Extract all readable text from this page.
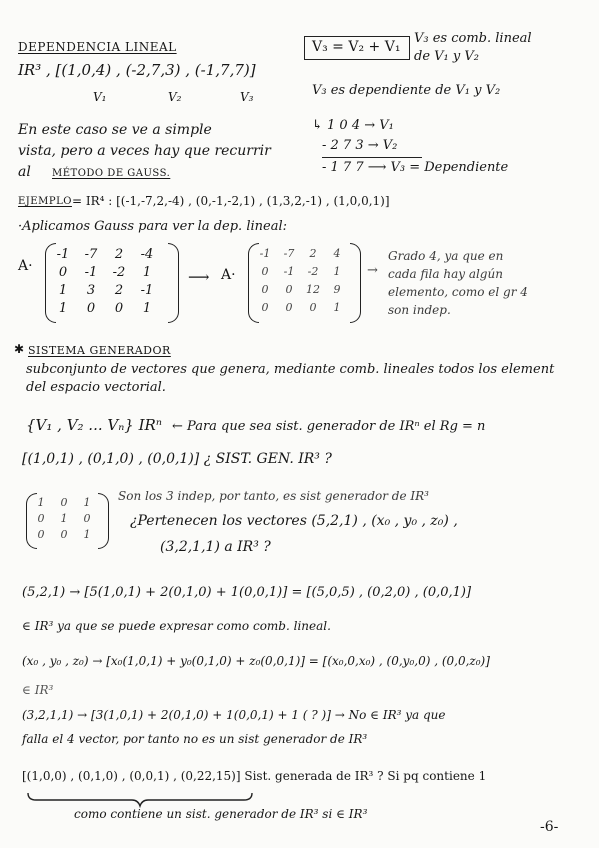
DEPENDENCIA LINEAL
IR³ , [(1,0,4) , (-2,7,3) , (-1,7,7)]
V₁	V₂	V₃
V₃ = V₂ + V₁
V₃ es comb. lineal
de V₁ y V₂
V₃ es dependiente de V₁ y V₂
En este caso se ve a simple
vista, pero a veces hay que recurrir
al MÉTODO DE GAUSS.
↳ 1 0 4 → V₁
- 2 7 3 → V₂
- 1 7 7 ⟶ V₃ = Dependiente
EJEMPLO = IR⁴ : [(-1,-7,2,-4) , (0,-1,-2,1) , (1,3,2,-1) , (1,0,0,1)]
·Aplicamos Gauss para ver la dep. lineal:
A·
-1	-7	2	-4
0	-1	-2	1
1	3	2	-1
1	0	0	1
⟶ A·
-1	-7	2	4
0	-1	-2	1
0	0	12	9
0	0	0	1
→
Grado 4, ya que en
cada fila hay algún
elemento, como el gr 4
son indep.
✱ SISTEMA GENERADOR
subconjunto de vectores que genera, mediante comb. lineales todos los element
del espacio vectorial.
{V₁ , V₂ ... Vₙ} IRⁿ ← Para que sea sist. generador de IRⁿ el Rg = n
[(1,0,1) , (0,1,0) , (0,0,1)] ¿ SIST. GEN. IR³ ?
1	0	1
0	1	0
0	0	1
Son los 3 indep, por tanto, es sist generador de IR³
¿Pertenecen los vectores (5,2,1) , (x₀ , y₀ , z₀) ,
(3,2,1,1) a IR³ ?
(5,2,1) → [5(1,0,1) + 2(0,1,0) + 1(0,0,1)] = [(5,0,5) , (0,2,0) , (0,0,1)]
∈ IR³ ya que se puede expresar como comb. lineal.
(x₀ , y₀ , z₀) → [x₀(1,0,1) + y₀(0,1,0) + z₀(0,0,1)] = [(x₀,0,x₀) , (0,y₀,0) , (0,0,z₀)]
∈ IR³
(3,2,1,1) → [3(1,0,1) + 2(0,1,0) + 1(0,0,1) + 1 ( ? )] → No ∈ IR³ ya que
falla el 4 vector, por tanto no es un sist generador de IR³
[(1,0,0) , (0,1,0) , (0,0,1) , (0,22,15)] Sist. generada de IR³ ? Si pq contiene 1
como contiene un sist. generador de IR³ si ∈ IR³
-6-
